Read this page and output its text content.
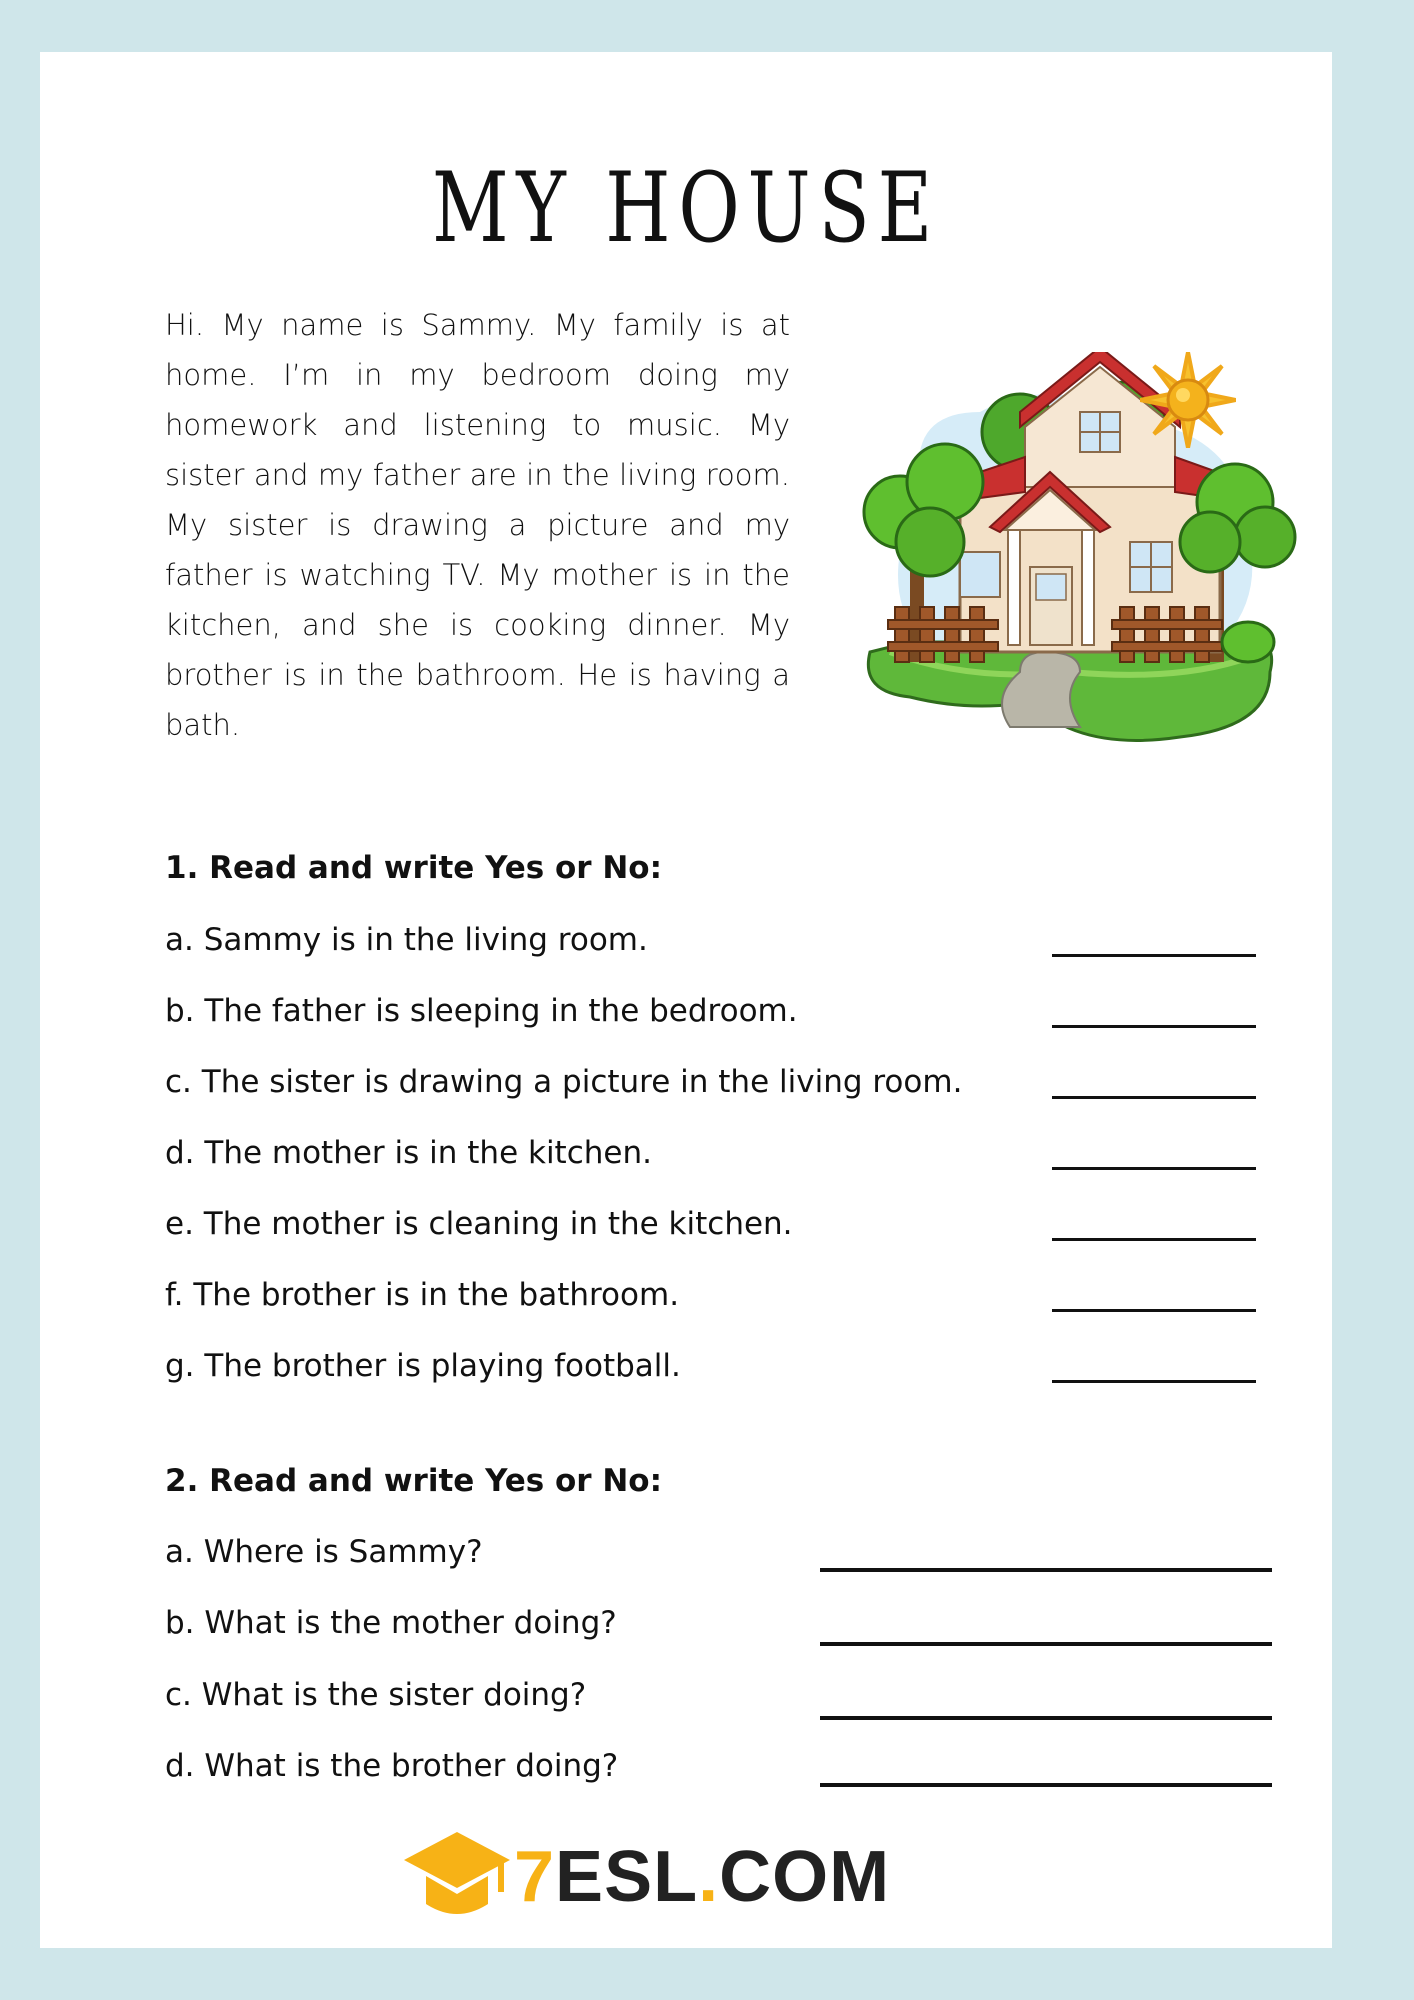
MY HOUSE
Hi. My name is Sammy. My family is at home. I’m in my bedroom doing my homework and listening to music. My sister and my father are in the living room. My sister is drawing a picture and my father is watching TV. My mother is in the kitchen, and she is cooking dinner. My brother is in the bathroom. He is having a bath.
1. Read and write Yes or No:
a. Sammy is in the living room.
b. The father is sleeping in the bedroom.
c. The sister is drawing a picture in the living room.
d. The mother is in the kitchen.
e. The mother is cleaning in the kitchen.
f. The brother is in the bathroom.
g. The brother is playing football.
2. Read and write Yes or No:
a. Where is Sammy?
b. What is the mother doing?
c. What is the sister doing?
d. What is the brother doing?
7ESL.COM
